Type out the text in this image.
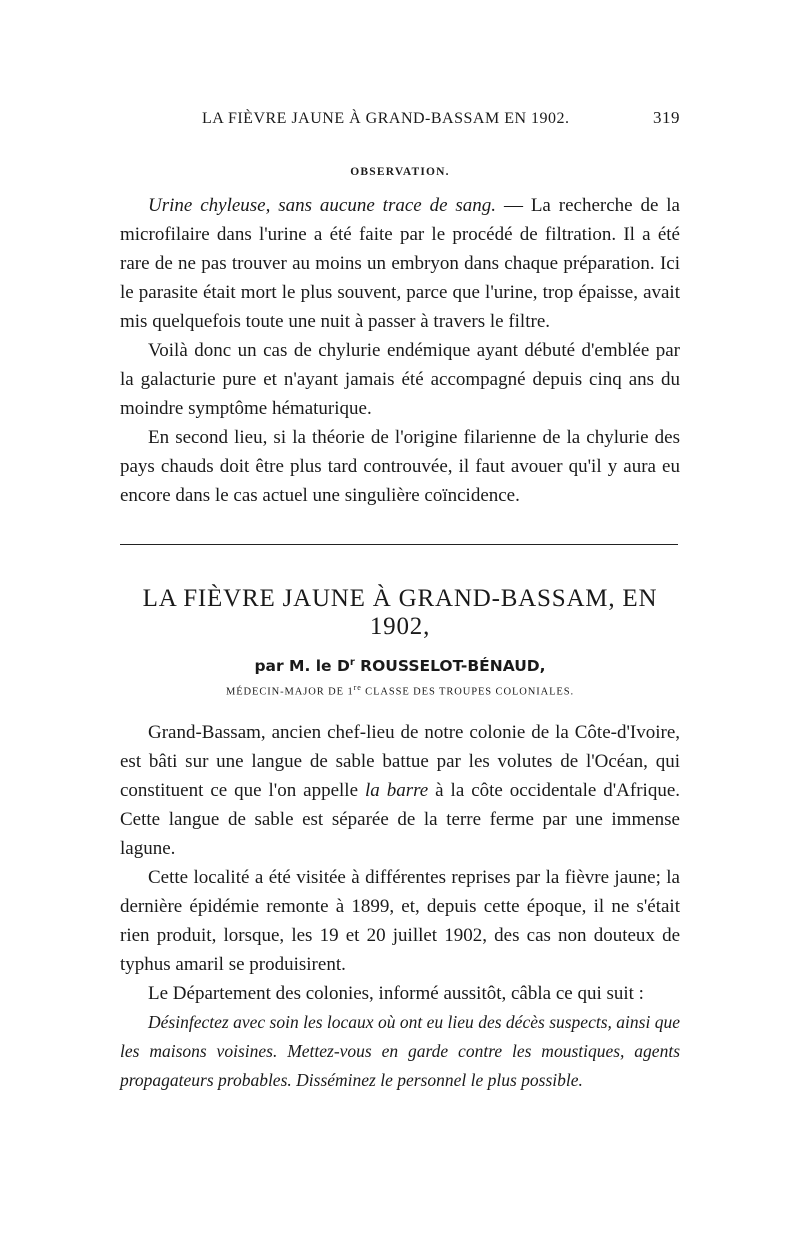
LA FIÈVRE JAUNE À GRAND-BASSAM EN 1902.	319
OBSERVATION.

Urine chyleuse, sans aucune trace de sang. — La recherche de la microfilaire dans l'urine a été faite par le procédé de filtration. Il a été rare de ne pas trouver au moins un embryon dans chaque préparation. Ici le parasite était mort le plus souvent, parce que l'urine, trop épaisse, avait mis quelquefois toute une nuit à passer à travers le filtre.

Voilà donc un cas de chylurie endémique ayant débuté d'emblée par la galacturie pure et n'ayant jamais été accompagné depuis cinq ans du moindre symptôme hématurique.

En second lieu, si la théorie de l'origine filarienne de la chylurie des pays chauds doit être plus tard controuvée, il faut avouer qu'il y aura eu encore dans le cas actuel une singulière coïncidence.

LA FIÈVRE JAUNE À GRAND-BASSAM, EN 1902,
par M. le $D^r$ ROUSSELOT-BÉNAUD,
MÉDECIN-MAJOR DE 1re CLASSE DES TROUPES COLONIALES.

Grand-Bassam, ancien chef-lieu de notre colonie de la Côte-d'Ivoire, est bâti sur une langue de sable battue par les volutes de l'Océan, qui constituent ce que l'on appelle la barre à la côte occidentale d'Afrique. Cette langue de sable est séparée de la terre ferme par une immense lagune.

Cette localité a été visitée à différentes reprises par la fièvre jaune; la dernière épidémie remonte à 1899, et, depuis cette époque, il ne s'était rien produit, lorsque, les 19 et 20 juillet 1902, des cas non douteux de typhus amaril se produisirent.

Le Département des colonies, informé aussitôt, câbla ce qui suit :

Désinfectez avec soin les locaux où ont eu lieu des décès suspects, ainsi que les maisons voisines. Mettez-vous en garde contre les moustiques, agents propagateurs probables. Disséminez le personnel le plus possible.
